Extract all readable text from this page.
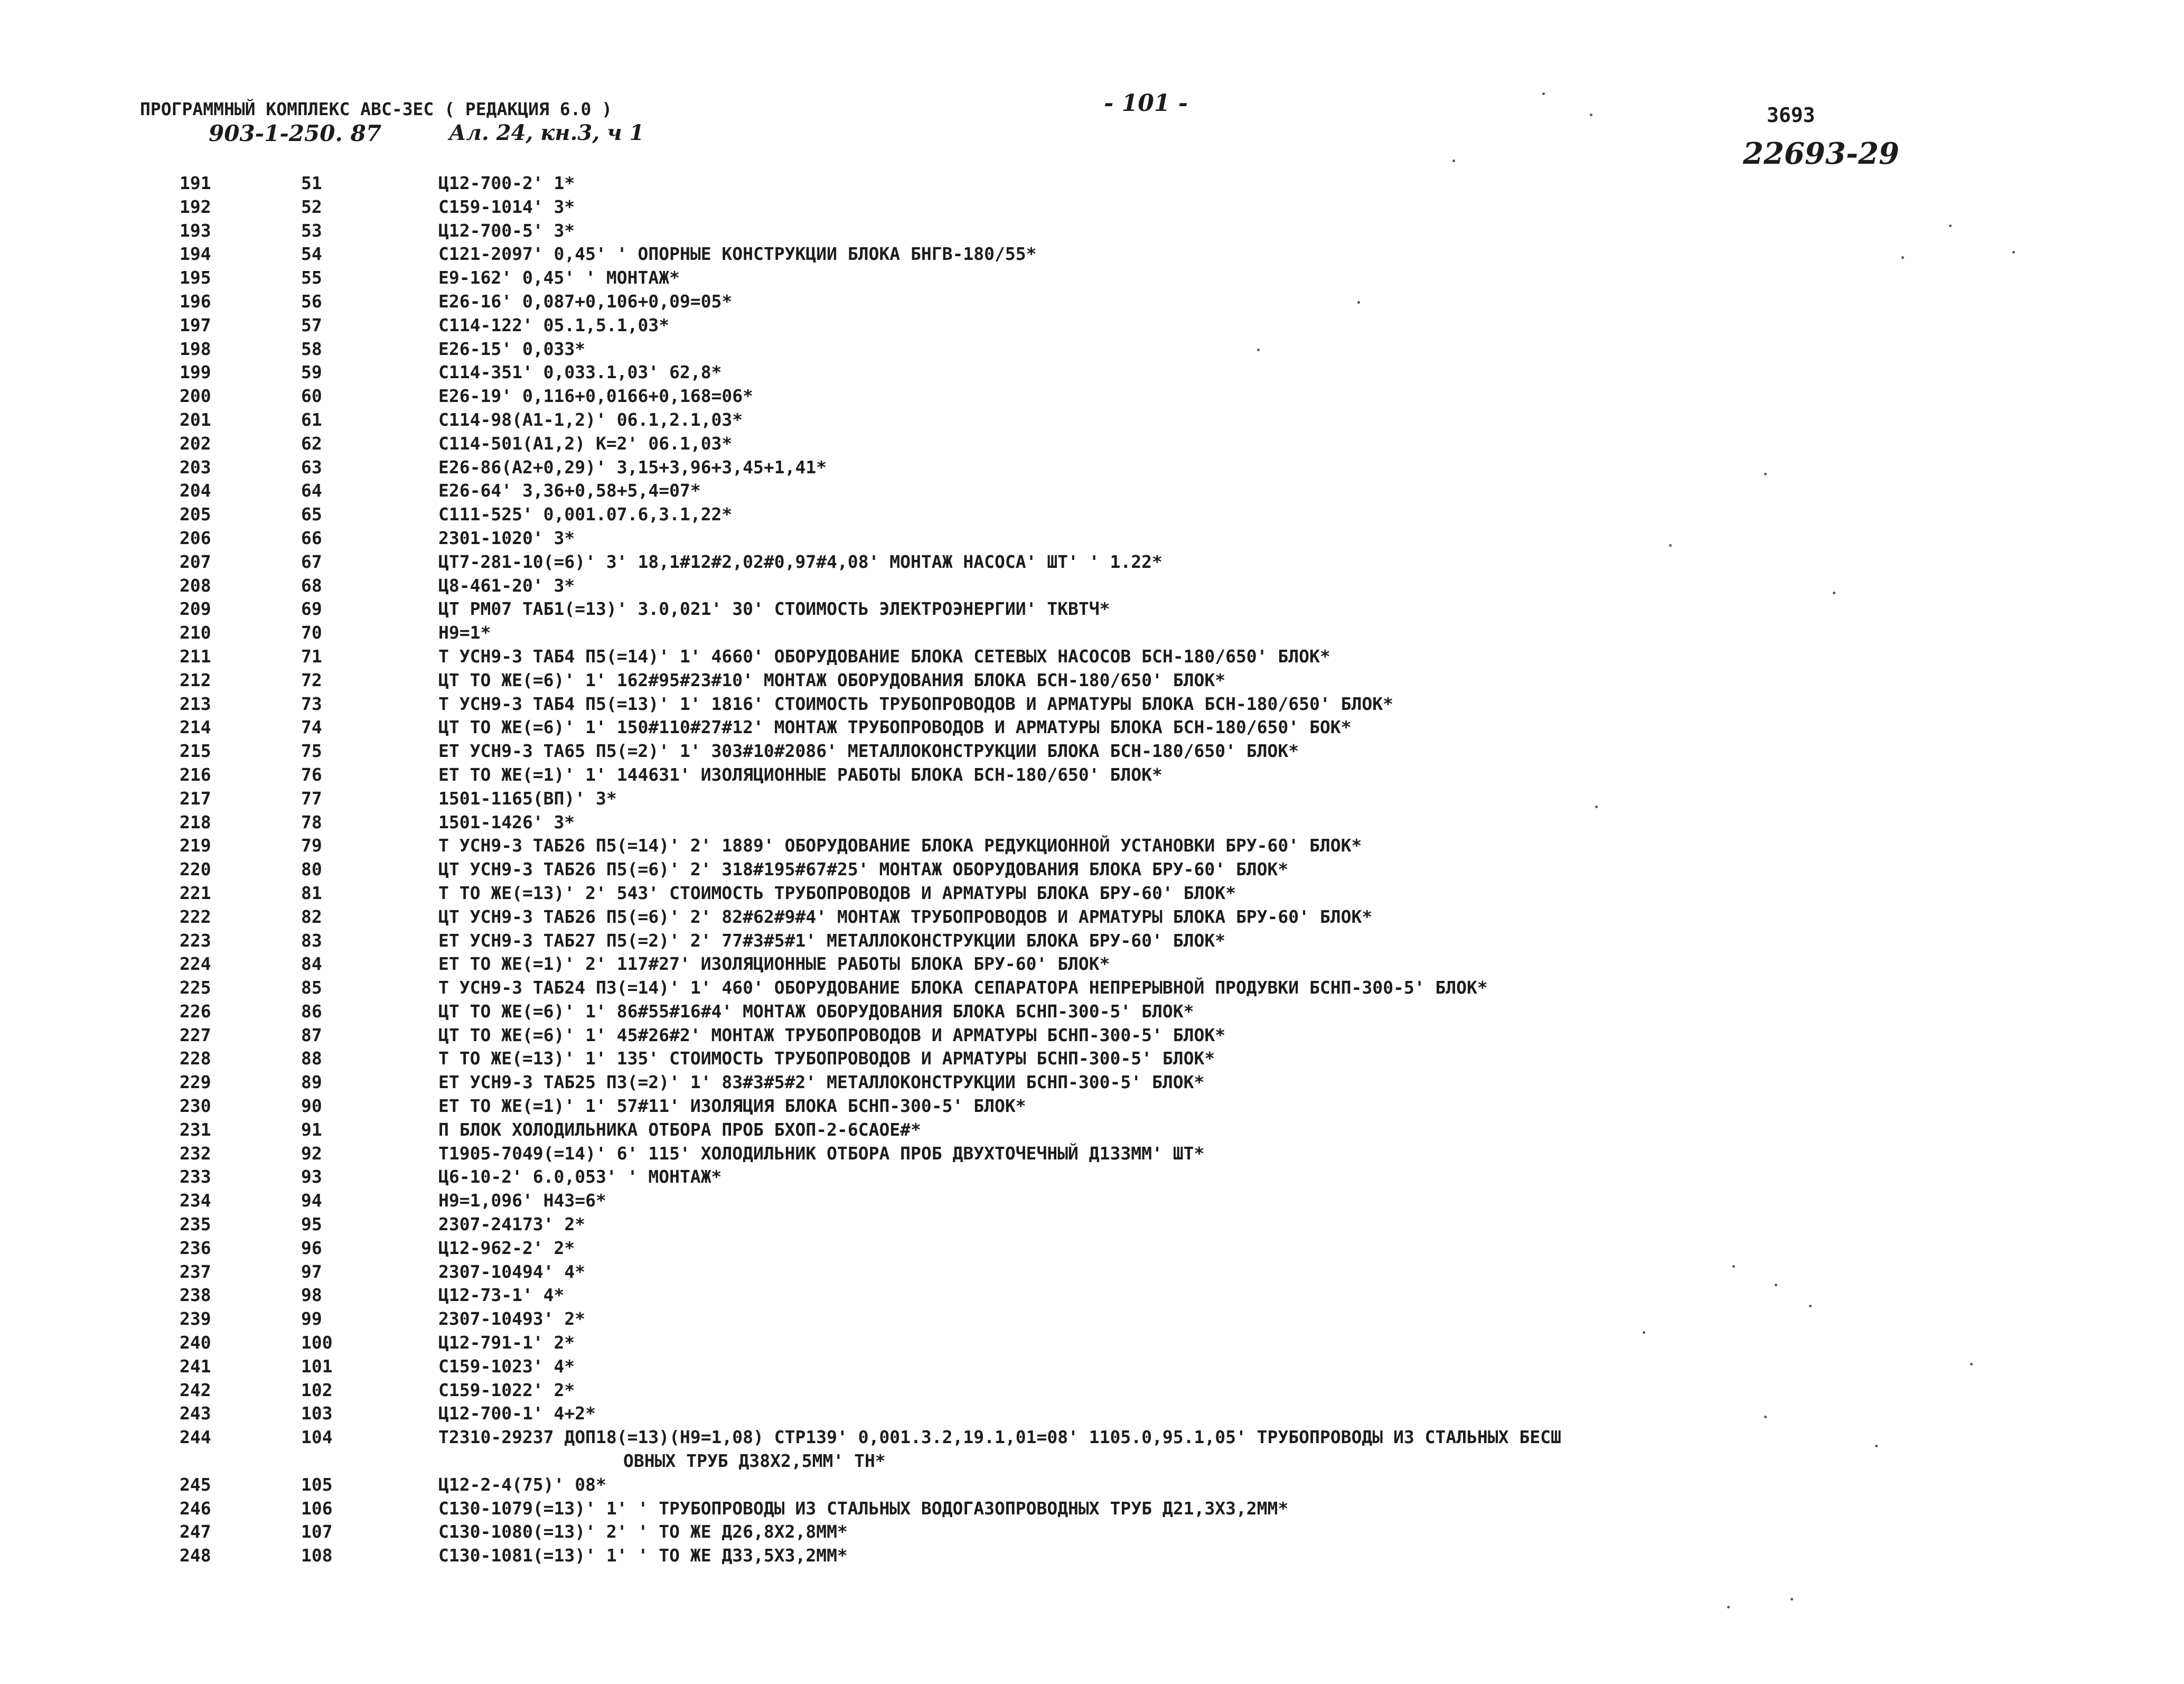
ПРОГРАММНЫЙ КОМПЛЕКС АВС-3ЕС ( РЕДАКЦИЯ 6.0 )
903-1-250. 87	Ал. 24, кн.3, ч 1
- 101 -	3693
22693-29
191	51	Ц12-700-2' 1*
192	52	С159-1014' 3*
193	53	Ц12-700-5' 3*
194	54	С121-2097' 0,45' ' ОПОРНЫЕ КОНСТРУКЦИИ БЛОКА БНГВ-180/55*
195	55	Е9-162' 0,45' ' МОНТАЖ*
196	56	Е26-16' 0,087+0,106+0,09=05*
197	57	С114-122' 05.1,5.1,03*
198	58	Е26-15' 0,033*
199	59	С114-351' 0,033.1,03' 62,8*
200	60	Е26-19' 0,116+0,0166+0,168=06*
201	61	С114-98(А1-1,2)' 06.1,2.1,03*
202	62	С114-501(А1,2) К=2' 06.1,03*
203	63	Е26-86(А2+0,29)' 3,15+3,96+3,45+1,41*
204	64	Е26-64' 3,36+0,58+5,4=07*
205	65	С111-525' 0,001.07.6,3.1,22*
206	66	2301-1020' 3*
207	67	ЦТ7-281-10(=6)' 3' 18,1#12#2,02#0,97#4,08' МОНТАЖ НАСОСА' ШТ' ' 1.22*
208	68	Ц8-461-20' 3*
209	69	ЦТ РМ07 ТАБ1(=13)' 3.0,021' 30' СТОИМОСТЬ ЭЛЕКТРОЭНЕРГИИ' ТКВТЧ*
210	70	Н9=1*
211	71	Т УСН9-3 ТАБ4 П5(=14)' 1' 4660' ОБОРУДОВАНИЕ БЛОКА СЕТЕВЫХ НАСОСОВ БСН-180/650' БЛОК*
212	72	ЦТ ТО ЖЕ(=6)' 1' 162#95#23#10' МОНТАЖ ОБОРУДОВАНИЯ БЛОКА БСН-180/650' БЛОК*
213	73	Т УСН9-3 ТАБ4 П5(=13)' 1' 1816' СТОИМОСТЬ ТРУБОПРОВОДОВ И АРМАТУРЫ БЛОКА БСН-180/650' БЛОК*
214	74	ЦТ ТО ЖЕ(=6)' 1' 150#110#27#12' МОНТАЖ ТРУБОПРОВОДОВ И АРМАТУРЫ БЛОКА БСН-180/650' БОК*
215	75	ЕТ УСН9-3 ТА65 П5(=2)' 1' 303#10#2086' МЕТАЛЛОКОНСТРУКЦИИ БЛОКА БСН-180/650' БЛОК*
216	76	ЕТ ТО ЖЕ(=1)' 1' 144631' ИЗОЛЯЦИОННЫЕ РАБОТЫ БЛОКА БСН-180/650' БЛОК*
217	77	1501-1165(ВП)' 3*
218	78	1501-1426' 3*
219	79	Т УСН9-3 ТАБ26 П5(=14)' 2' 1889' ОБОРУДОВАНИЕ БЛОКА РЕДУКЦИОННОЙ УСТАНОВКИ БРУ-60' БЛОК*
220	80	ЦТ УСН9-3 ТАБ26 П5(=6)' 2' 318#195#67#25' МОНТАЖ ОБОРУДОВАНИЯ БЛОКА БРУ-60' БЛОК*
221	81	Т ТО ЖЕ(=13)' 2' 543' СТОИМОСТЬ ТРУБОПРОВОДОВ И АРМАТУРЫ БЛОКА БРУ-60' БЛОК*
222	82	ЦТ УСН9-3 ТАБ26 П5(=6)' 2' 82#62#9#4' МОНТАЖ ТРУБОПРОВОДОВ И АРМАТУРЫ БЛОКА БРУ-60' БЛОК*
223	83	ЕТ УСН9-3 ТАБ27 П5(=2)' 2' 77#3#5#1' МЕТАЛЛОКОНСТРУКЦИИ БЛОКА БРУ-60' БЛОК*
224	84	ЕТ ТО ЖЕ(=1)' 2' 117#27' ИЗОЛЯЦИОННЫЕ РАБОТЫ БЛОКА БРУ-60' БЛОК*
225	85	Т УСН9-3 ТАБ24 П3(=14)' 1' 460' ОБОРУДОВАНИЕ БЛОКА СЕПАРАТОРА НЕПРЕРЫВНОЙ ПРОДУВКИ БСНП-300-5' БЛОК*
226	86	ЦТ ТО ЖЕ(=6)' 1' 86#55#16#4' МОНТАЖ ОБОРУДОВАНИЯ БЛОКА БСНП-300-5' БЛОК*
227	87	ЦТ ТО ЖЕ(=6)' 1' 45#26#2' МОНТАЖ ТРУБОПРОВОДОВ И АРМАТУРЫ БСНП-300-5' БЛОК*
228	88	Т ТО ЖЕ(=13)' 1' 135' СТОИМОСТЬ ТРУБОПРОВОДОВ И АРМАТУРЫ БСНП-300-5' БЛОК*
229	89	ЕТ УСН9-3 ТАБ25 П3(=2)' 1' 83#3#5#2' МЕТАЛЛОКОНСТРУКЦИИ БСНП-300-5' БЛОК*
230	90	ЕТ ТО ЖЕ(=1)' 1' 57#11' ИЗОЛЯЦИЯ БЛОКА БСНП-300-5' БЛОК*
231	91	П БЛОК ХОЛОДИЛЬНИКА ОТБОРА ПРОБ БХОП-2-6САОЕ#*
232	92	Т1905-7049(=14)' 6' 115' ХОЛОДИЛЬНИК ОТБОРА ПРОБ ДВУХТОЧЕЧНЫЙ Д133ММ' ШТ*
233	93	Ц6-10-2' 6.0,053' ' МОНТАЖ*
234	94	Н9=1,096' Н43=6*
235	95	2307-24173' 2*
236	96	Ц12-962-2' 2*
237	97	2307-10494' 4*
238	98	Ц12-73-1' 4*
239	99	2307-10493' 2*
240	100	Ц12-791-1' 2*
241	101	С159-1023' 4*
242	102	С159-1022' 2*
243	103	Ц12-700-1' 4+2*
244	104	Т2310-29237 ДОП18(=13)(Н9=1,08) СТР139' 0,001.3.2,19.1,01=08' 1105.0,95.1,05' ТРУБОПРОВОДЫ ИЗ СТАЛЬНЫХ БЕСШ
ОВНЫХ ТРУБ Д38Х2,5ММ' ТН*
245	105	Ц12-2-4(75)' 08*
246	106	С130-1079(=13)' 1' ' ТРУБОПРОВОДЫ ИЗ СТАЛЬНЫХ ВОДОГАЗОПРОВОДНЫХ ТРУБ Д21,3Х3,2ММ*
247	107	С130-1080(=13)' 2' ' ТО ЖЕ Д26,8Х2,8ММ*
248	108	С130-1081(=13)' 1' ' ТО ЖЕ Д33,5Х3,2ММ*
